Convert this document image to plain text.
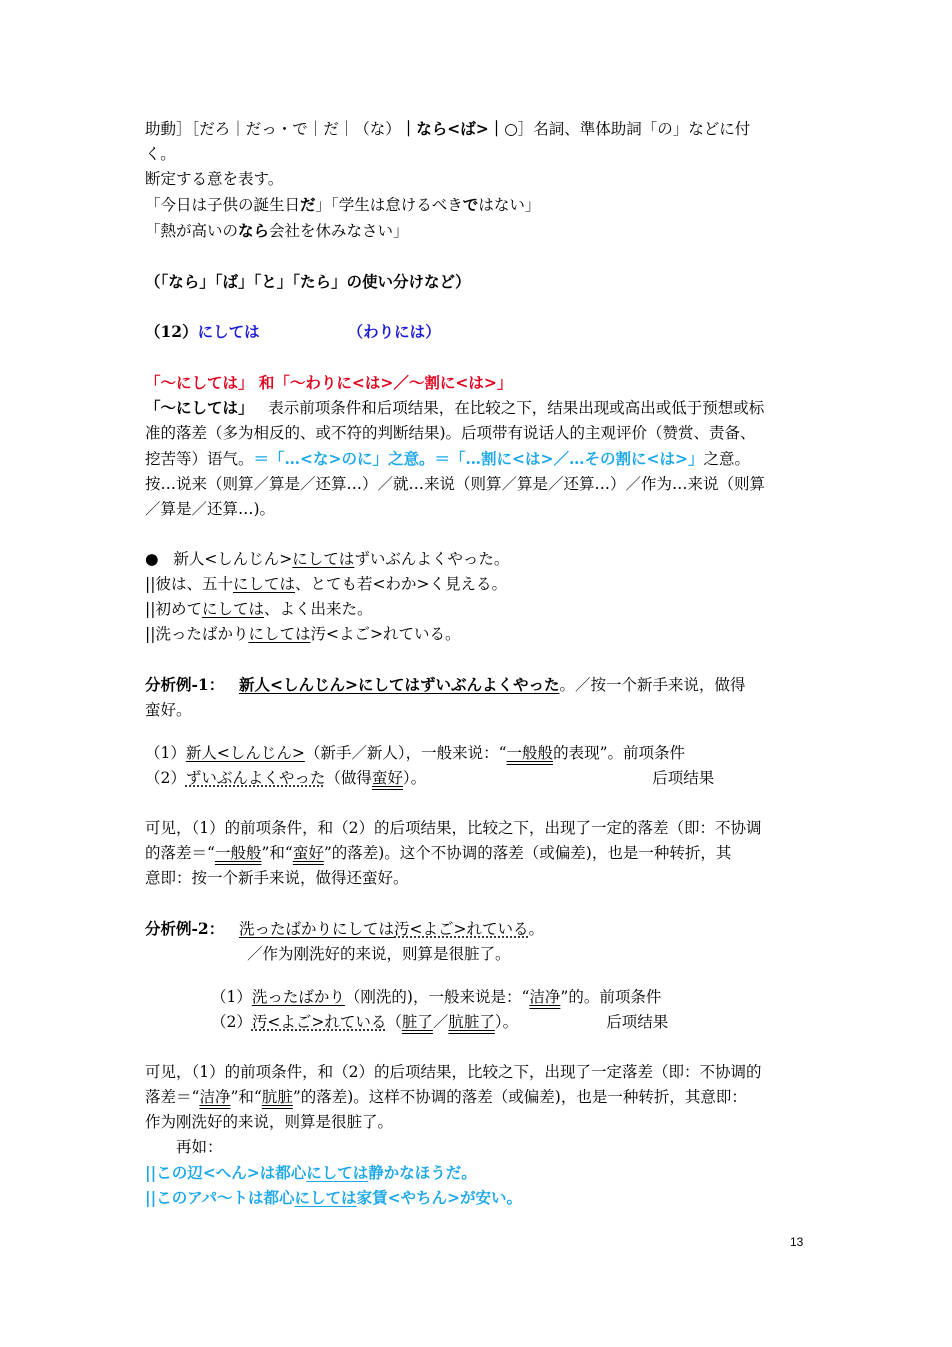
助動］［だろ｜だっ・で｜だ｜（な）｜なら<ば>｜○］名詞、準体助詞「の」などに付

く。

断定する意を表す。

「今日は子供の誕生日だ」「学生は怠けるべきではない」

「熱が高いのなら会社を休みなさい」

（「なら」「ば」「と」「たら」の使い分けなど）

（12）にしては	（わりには）

「～にしては」 和「～わりに<は>／～割に<は>」

「～にしては」 表示前项条件和后项结果，在比较之下，结果出现或高出或低于预想或标

准的落差（多为相反的、或不符的判断结果)。后项带有说话人的主观评价（赞赏、责备、

挖苦等）语气。＝「…<な>のに」之意。＝「…割に<は>／…その割に<は>」之意。

按…说来（则算／算是／还算…）／就…来说（则算／算是／还算…）／作为…来说（则算

／算是／还算…)。

● 新人<しんじん>にしてはずいぶんよくやった。

||彼は、五十にしては、とても若<わか>く見える。

||初めてにしては、よく出来た。

||洗ったばかりにしては汚<よご>れている。

分析例-1： 新人<しんじん>にしてはずいぶんよくやった。／按一个新手来说，做得

蛮好。

（1）新人<しんじん>（新手／新人），一般来说：“一般般的表现”。前项条件

（2）ずいぶんよくやった（做得蛮好）。	后项结果

可见，（1）的前项条件，和（2）的后项结果，比较之下，出现了一定的落差（即：不协调

的落差＝“一般般”和“蛮好”的落差)。这个不协调的落差（或偏差)，也是一种转折，其

意即：按一个新手来说，做得还蛮好。

分析例-2： 洗ったばかりにしては汚<よご>れている。

／作为刚洗好的来说，则算是很脏了。

（1）洗ったばかり（刚洗的)，一般来说是：“洁净”的。前项条件

（2）汚<よご>れている（脏了／肮脏了）。	后项结果

可见，（1）的前项条件，和（2）的后项结果，比较之下，出现了一定落差（即：不协调的

落差＝“洁净”和“肮脏”的落差)。这样不协调的落差（或偏差)，也是一种转折，其意即：

作为刚洗好的来说，则算是很脏了。

再如：

||この辺<へん>は都心にしては静かなほうだ。

||このアパ～トは都心にしては家賃<やちん>が安い。

13
